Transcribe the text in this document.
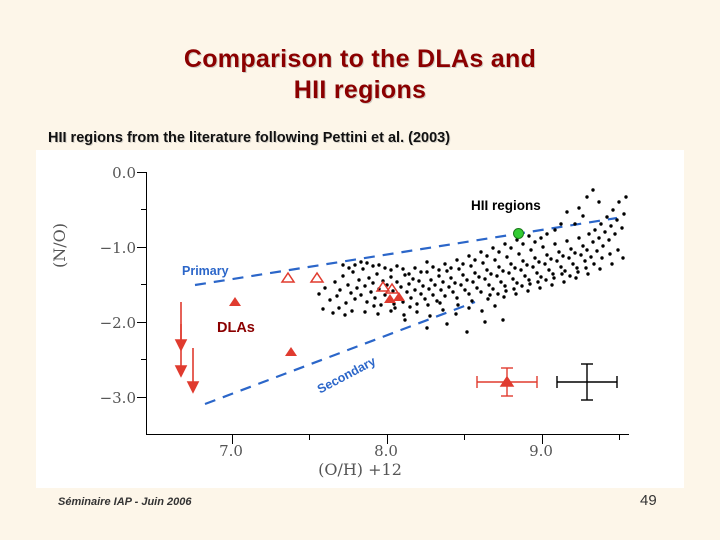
Comparison to the DLAs and
HII regions
HII regions from the literature following Pettini et al. (2003)
(N/O)
(O/H) +12
0.0
−1.0
−2.0
−3.0
7.0	8.0	9.0
HII regions
DLAs
Primary
Secondary
Séminaire IAP - Juin 2006	49
